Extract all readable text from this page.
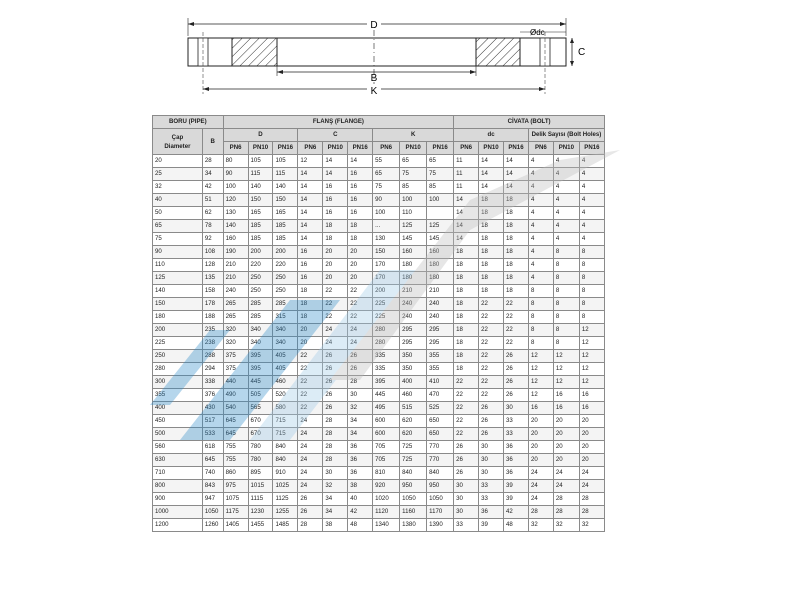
D
Ødc
C
B
K
BORU (PIPE)		FLANŞ (FLANGE)									CİVATA (BOLT)					

Çap
Diameter	B	D			C			K			dc			Delik Sayısı (Bolt Holes)		
		PN6	PN10	PN16	PN6	PN10	PN16	PN6	PN10	PN16	PN6	PN10	PN16	PN6	PN10	PN16
20	28	80	105	105	12	14	14	55	65	65	11	14	14	4	4	4
25	34	90	115	115	14	14	16	65	75	75	11	14	14	4	4	4
32	42	100	140	140	14	16	16	75	85	85	11	14	14	4	4	4
40	51	120	150	150	14	16	16	90	100	100	14	18	18	4	4	4
50	62	130	165	165	14	16	16	100	110		14	18	18	4	4	4
65	78	140	185	185	14	18	18	...	125	125	14	18	18	4	4	4
75	92	160	185	185	14	18	18	130	145	145	14	18	18	4	4	4
90	108	190	200	200	16	20	20	150	160	160	18	18	18	4	8	8
110	128	210	220	220	16	20	20	170	180	180	18	18	18	4	8	8
125	135	210	250	250	16	20	20	170	180	180	18	18	18	4	8	8
140	158	240	250	250	18	22	22	200	210	210	18	18	18	8	8	8
150	178	265	285	285	18	22	22	225	240	240	18	22	22	8	8	8
180	188	265	285	315	18	22	22	225	240	240	18	22	22	8	8	8
200	235	320	340	340	20	24	24	280	295	295	18	22	22	8	8	12
225	238	320	340	340	20	24	24	280	295	295	18	22	22	8	8	12
250	288	375	395	405	22	26	26	335	350	355	18	22	26	12	12	12
280	294	375	395	405	22	26	26	335	350	355	18	22	26	12	12	12
300	338	440	445	460	22	26	28	395	400	410	22	22	26	12	12	12
355	376	490	505	520	22	26	30	445	460	470	22	22	26	12	16	16
400	430	540	565	580	22	26	32	495	515	525	22	26	30	16	16	16
450	517	645	670	715	24	28	34	600	620	650	22	26	33	20	20	20
500	533	645	670	715	24	28	34	600	620	650	22	26	33	20	20	20
560	618	755	780	840	24	28	36	705	725	770	26	30	36	20	20	20
630	645	755	780	840	24	28	36	705	725	770	26	30	36	20	20	20
710	740	860	895	910	24	30	36	810	840	840	26	30	36	24	24	24
800	843	975	1015	1025	24	32	38	920	950	950	30	33	39	24	24	24
900	947	1075	1115	1125	26	34	40	1020	1050	1050	30	33	39	24	28	28
1000	1050	1175	1230	1255	26	34	42	1120	1160	1170	30	36	42	28	28	28
1200	1260	1405	1455	1485	28	38	48	1340	1380	1390	33	39	48	32	32	32
